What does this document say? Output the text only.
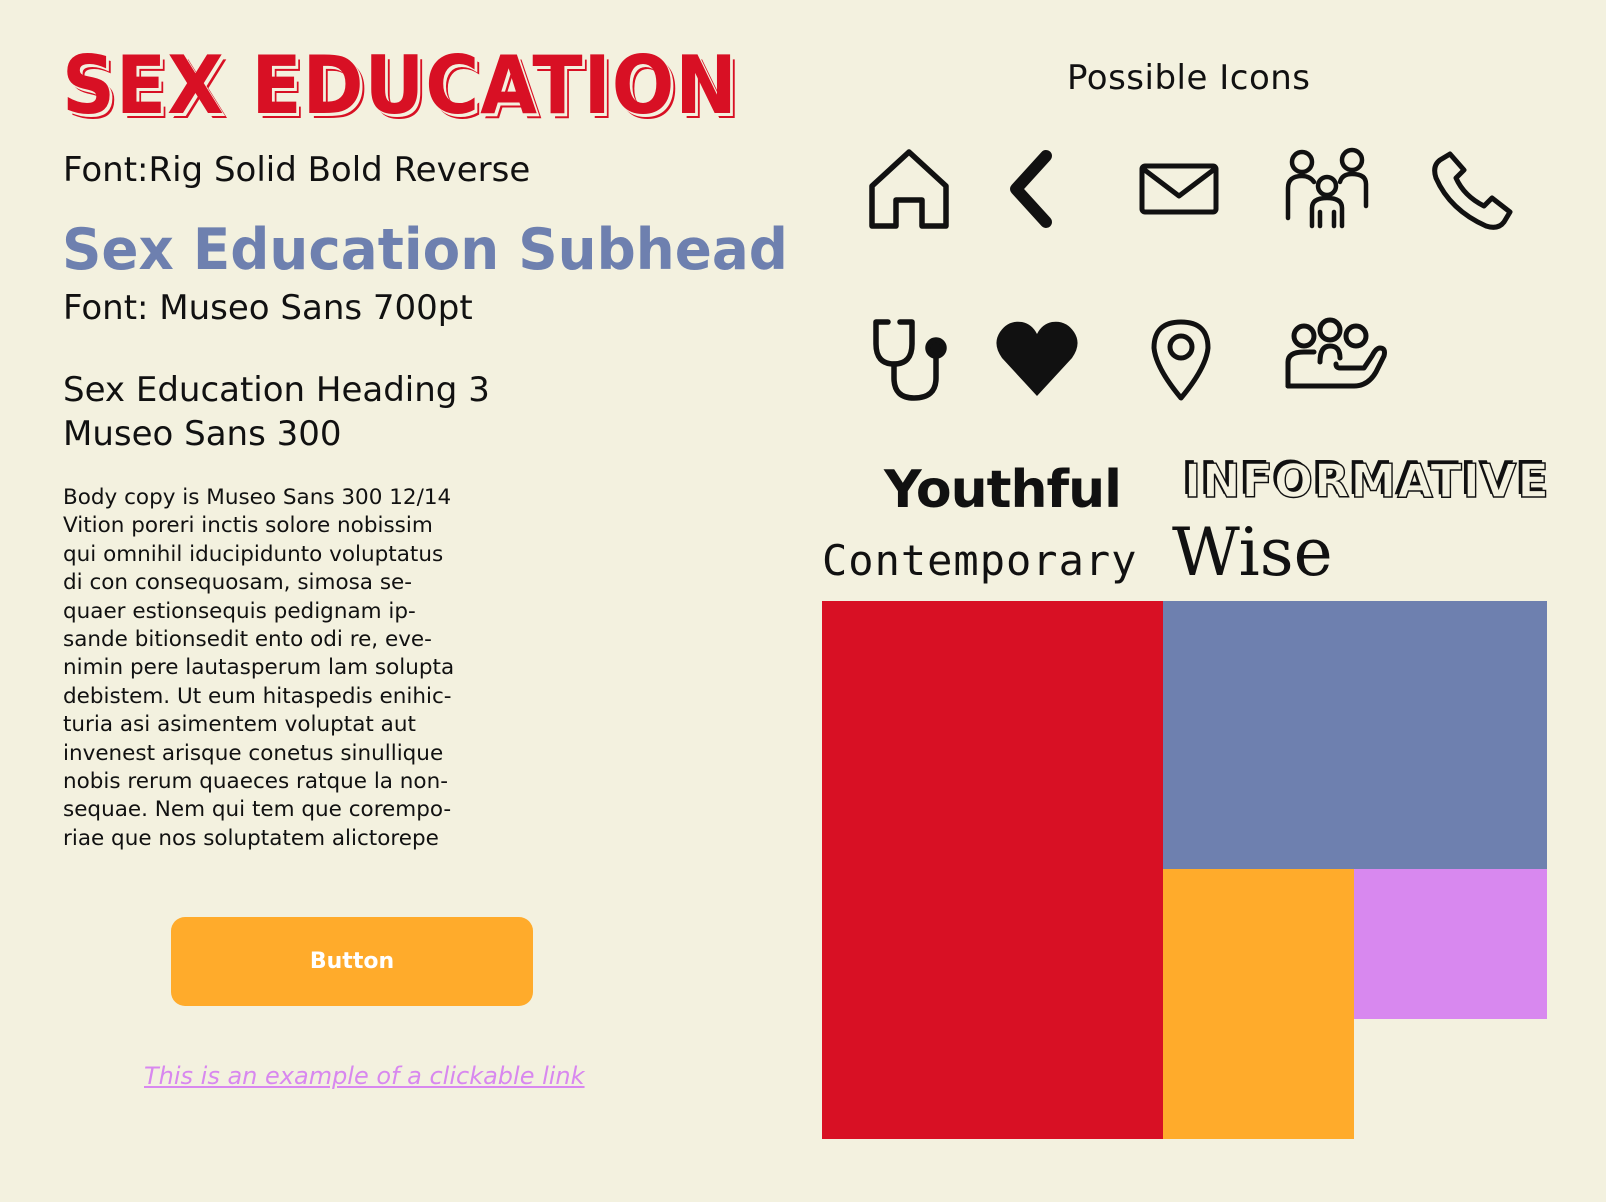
SEX EDUCATION
Font:Rig Solid Bold Reverse
Sex Education Subhead
Font: Museo Sans 700pt
Sex Education Heading 3
Museo Sans 300
Body copy is Museo Sans 300 12/14
Vition poreri inctis solore nobissim
qui omnihil iducipidunto voluptatus
di con consequosam, simosa se-
quaer estionsequis pedignam ip-
sande bitionsedit ento odi re, eve-
nimin pere lautasperum lam solupta
debistem. Ut eum hitaspedis enihic-
turia asi asimentem voluptat aut
invenest arisque conetus sinullique
nobis rerum quaeces ratque la non-
sequae. Nem qui tem que corempo-
riae que nos soluptatem alictorepe
Button
This is an example of a clickable link
Possible Icons
Youthful INFORMATIVE
Contemporary Wise
